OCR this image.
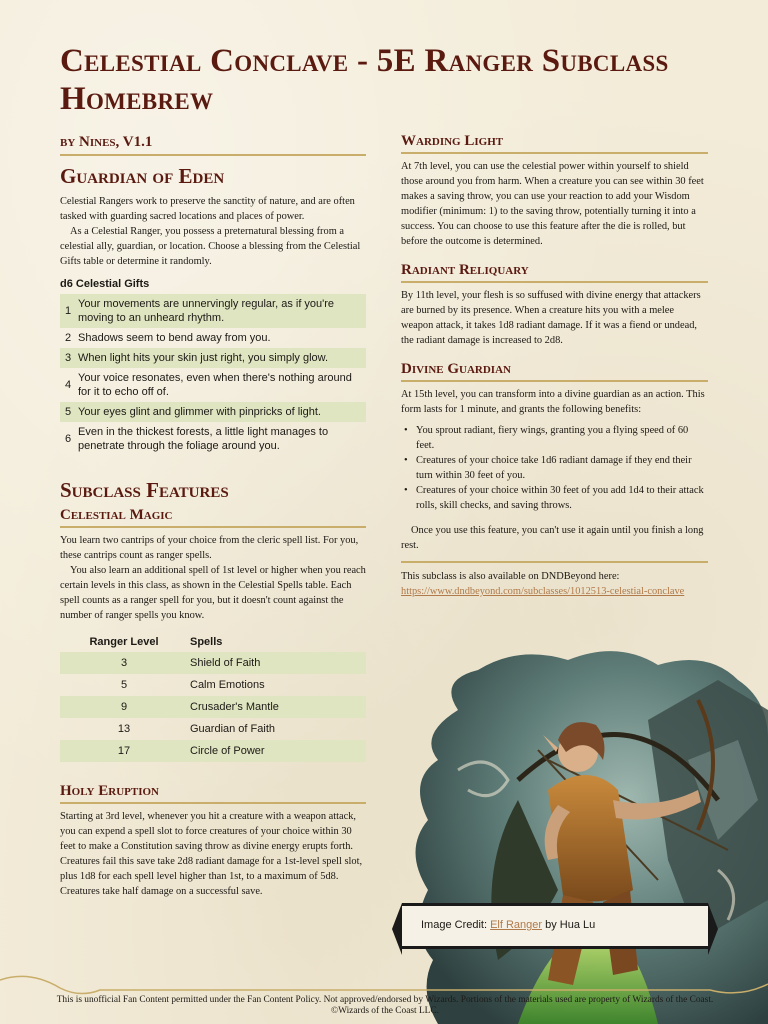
Celestial Conclave - 5E Ranger Subclass Homebrew
by Nines, V1.1
Guardian of Eden

Celestial Rangers work to preserve the sanctity of nature, and are often tasked with guarding sacred locations and places of power.

As a Celestial Ranger, you possess a preternatural blessing from a celestial ally, guardian, or location. Choose a blessing from the Celestial Gifts table or determine it randomly.

d6 Celestial Gifts
1
Your movements are unnervingly regular, as if you're moving to an unheard rhythm.
2 Shadows seem to bend away from you.
3 When light hits your skin just right, you simply glow.
4
Your voice resonates, even when there's nothing around for it to echo off of.
5 Your eyes glint and glimmer with pinpricks of light.
6
Even in the thickest forests, a little light manages to penetrate through the foliage around you.
Subclass Features
Celestial Magic

You learn two cantrips of your choice from the cleric spell list. For you, these cantrips count as ranger spells.

You also learn an additional spell of 1st level or higher when you reach certain levels in this class, as shown in the Celestial Spells table. Each spell counts as a ranger spell for you, but it doesn't count against the number of ranger spells you know.

Ranger Level	Spells
3	Shield of Faith
5	Calm Emotions
9	Crusader's Mantle
13	Guardian of Faith
17	Circle of Power
Holy Eruption

Starting at 3rd level, whenever you hit a creature with a weapon attack, you can expend a spell slot to force creatures of your choice within 30 feet to make a Constitution saving throw as divine energy erupts forth. Creatures fail this save take 2d8 radiant damage for a 1st-level spell slot, plus 1d8 for each spell level higher than 1st, to a maximum of 5d8. Creatures take half damage on a successful save.

Warding Light

At 7th level, you can use the celestial power within yourself to shield those around you from harm. When a creature you can see within 30 feet makes a saving throw, you can use your reaction to add your Wisdom modifier (minimum: 1) to the saving throw, potentially turning it into a success. You can choose to use this feature after the die is rolled, but before the outcome is determined.

Radiant Reliquary

By 11th level, your flesh is so suffused with divine energy that attackers are burned by its presence. When a creature hits you with a melee weapon attack, it takes 1d8 radiant damage. If it was a fiend or undead, the radiant damage is increased to 2d8.

Divine Guardian

At 15th level, you can transform into a divine guardian as an action. This form lasts for 1 minute, and grants the following benefits:

• You sprout radiant, fiery wings, granting you a flying speed of 60 feet.
• Creatures of your choice take 1d6 radiant damage if they end their turn within 30 feet of you.
• Creatures of your choice within 30 feet of you add 1d4 to their attack rolls, skill checks, and saving throws.

Once you use this feature, you can't use it again until you finish a long rest.

This subclass is also available on DNDBeyond here:

https://www.dndbeyond.com/subclasses/1012513-celestial-conclave

Image Credit: Elf Ranger by Hua Lu
This is unofficial Fan Content permitted under the Fan Content Policy. Not approved/endorsed by Wizards. Portions of the materials used are property of Wizards of the Coast. ©Wizards of the Coast LLC.
